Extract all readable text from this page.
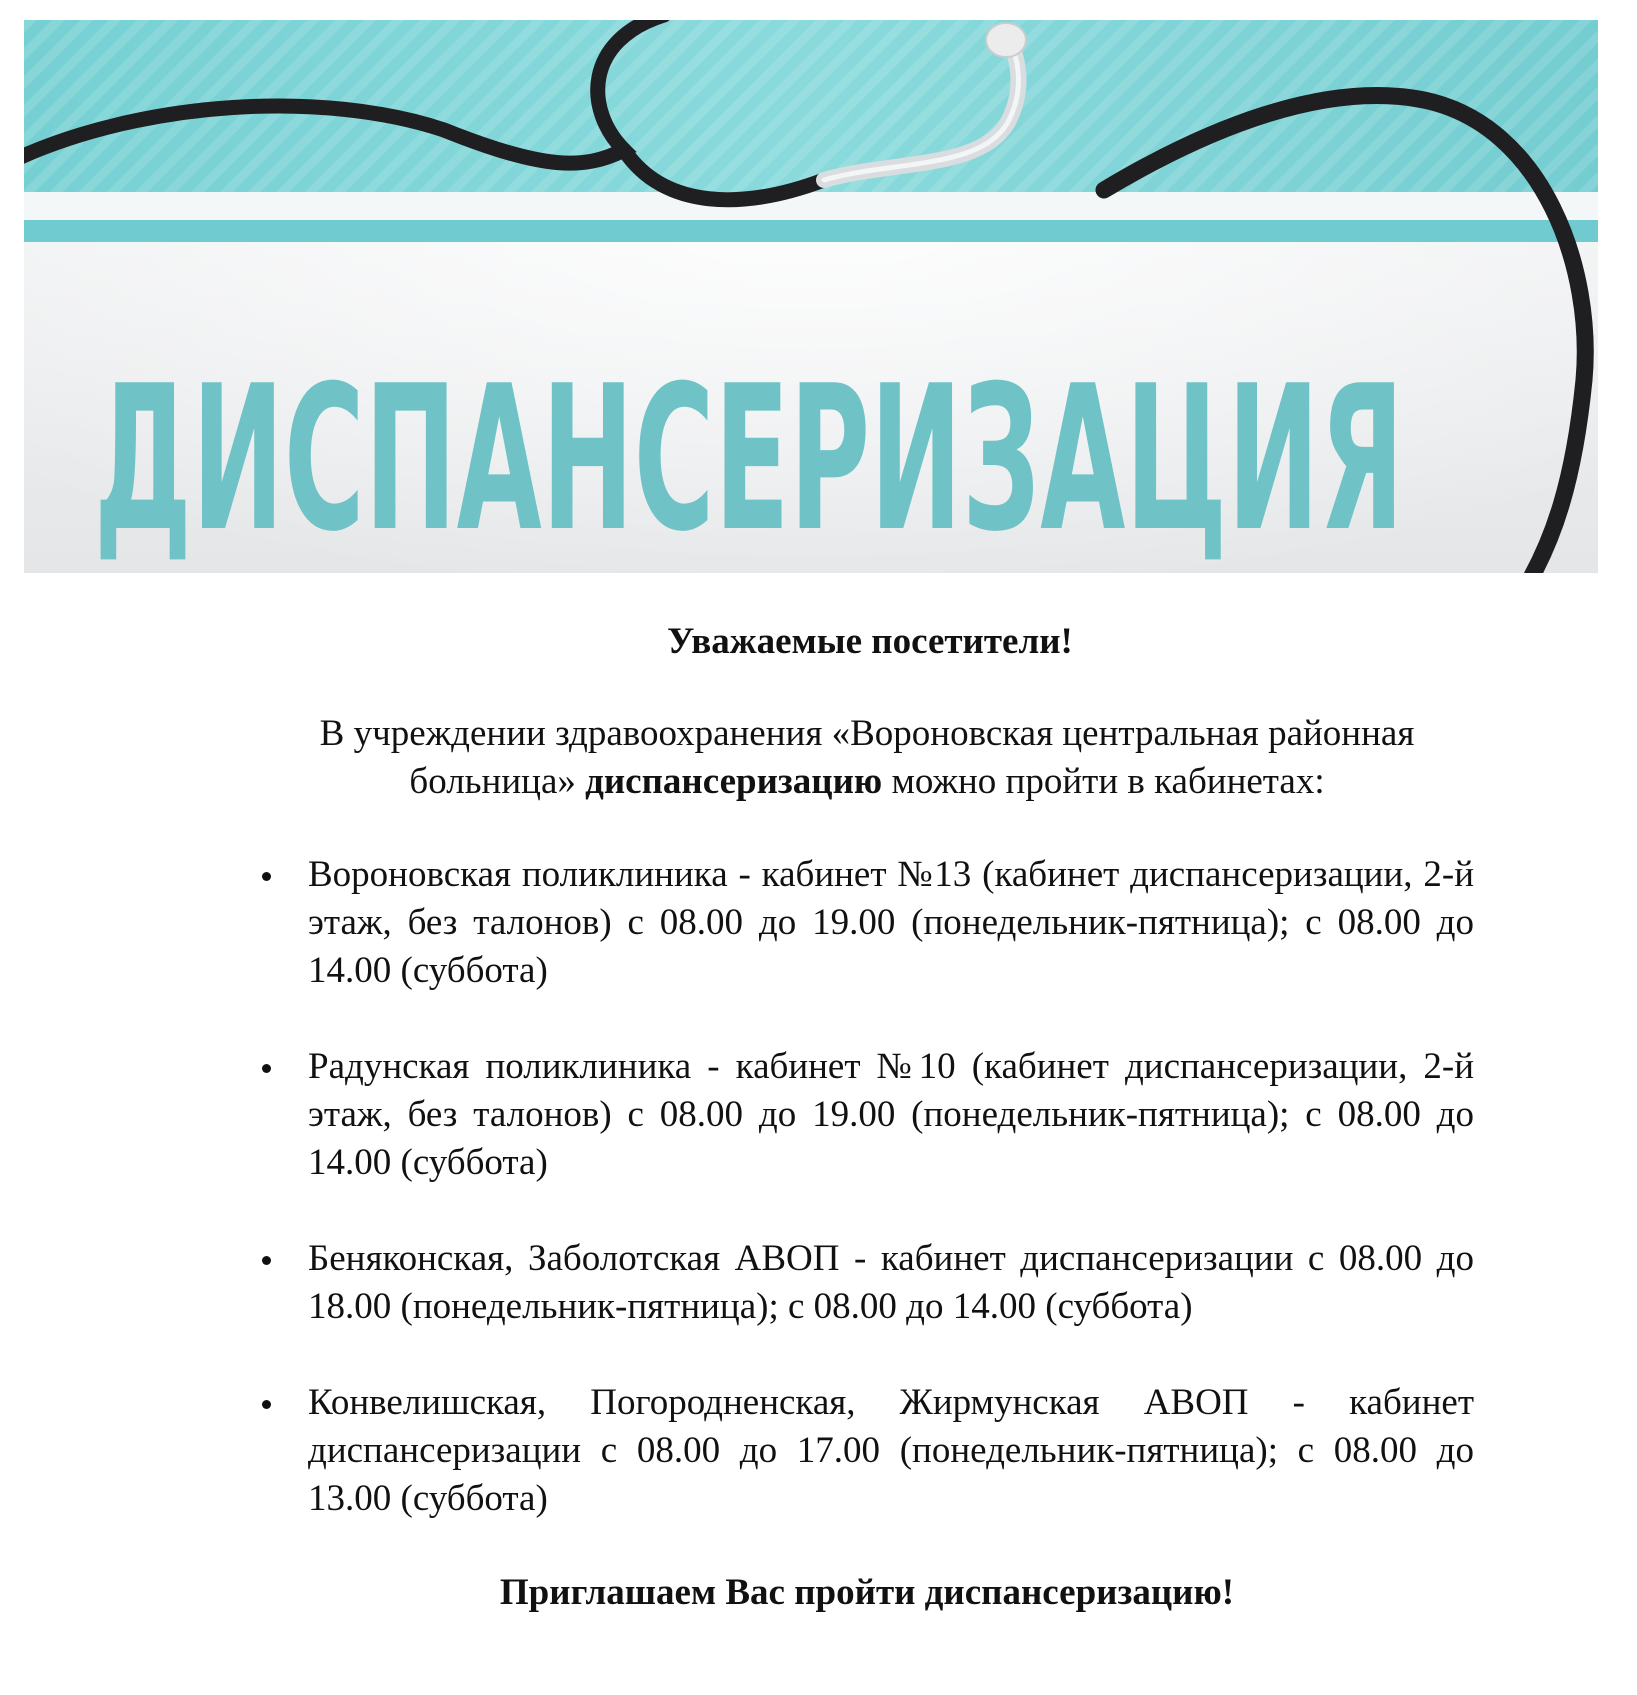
ДИСПАНСЕРИЗАЦИЯ

Уважаемые посетители!

В учреждении здравоохранения «Вороновская центральная районная больница» диспансеризацию можно пройти в кабинетах:

Вороновская поликлиника - кабинет №13 (кабинет диспансеризации, 2-й этаж, без талонов) с 08.00 до 19.00 (понедельник-пятница); с 08.00 до 14.00 (суббота)
Радунская поликлиника - кабинет №10 (кабинет диспансеризации, 2-й этаж, без талонов) с 08.00 до 19.00 (понедельник-пятница); с 08.00 до 14.00 (суббота)
Беняконская, Заболотская АВОП - кабинет диспансеризации с 08.00 до 18.00 (понедельник-пятница); с 08.00 до 14.00 (суббота)
Конвелишская, Погородненская, Жирмунская АВОП - кабинет диспансеризации с 08.00 до 17.00 (понедельник-пятница); с 08.00 до 13.00 (суббота)

Приглашаем Вас пройти диспансеризацию!
